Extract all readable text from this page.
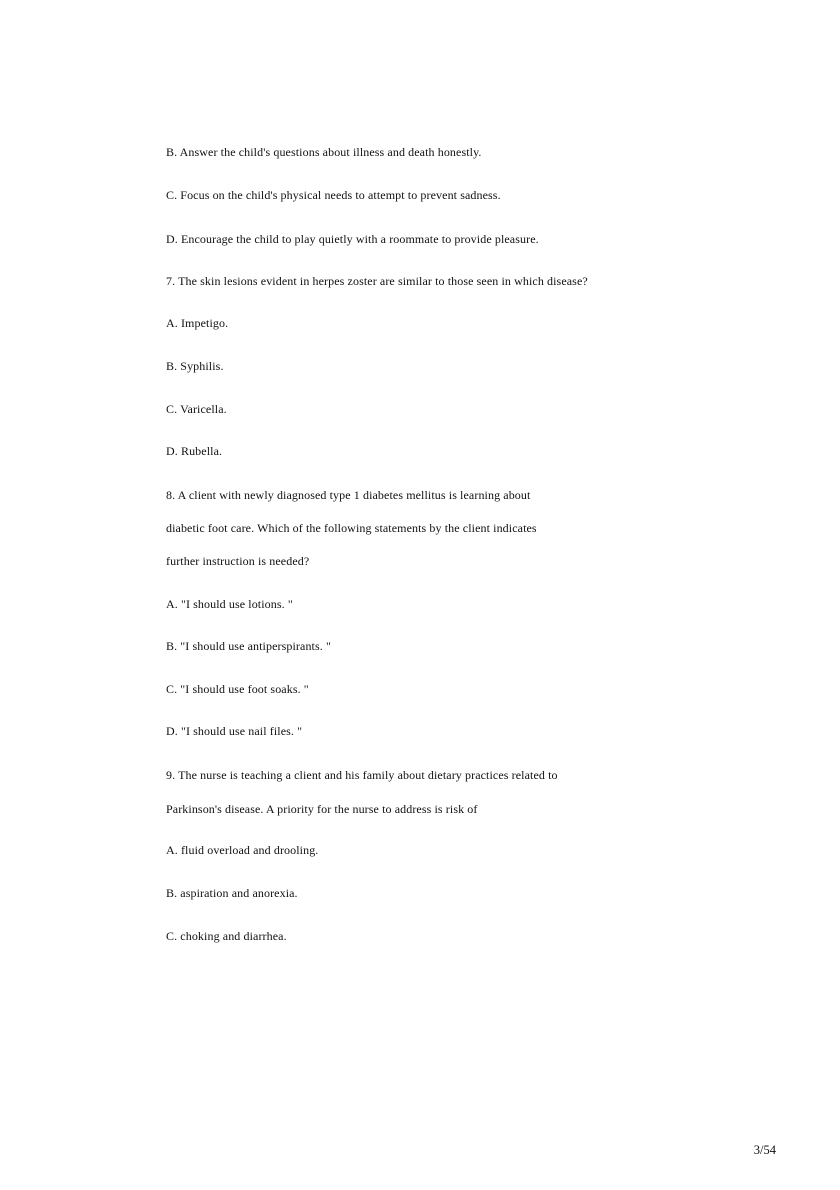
B. Answer the child's questions about illness and death honestly.
C. Focus on the child's physical needs to attempt to prevent sadness.
D. Encourage the child to play quietly with a roommate to provide pleasure.
7. The skin lesions evident in herpes zoster are similar to those seen in which disease?
A. Impetigo.
B. Syphilis.
C. Varicella.
D. Rubella.
8. A client with newly diagnosed type 1 diabetes mellitus is learning about
diabetic foot care. Which of the following statements by the client indicates
further instruction is needed?
A. "I should use lotions. "
B. "I should use antiperspirants. "
C. "I should use foot soaks. "
D. "I should use nail files. "
9. The nurse is teaching a client and his family about dietary practices related to
Parkinson's disease. A priority for the nurse to address is risk of
A. fluid overload and drooling.
B. aspiration and anorexia.
C. choking and diarrhea.
3/54
